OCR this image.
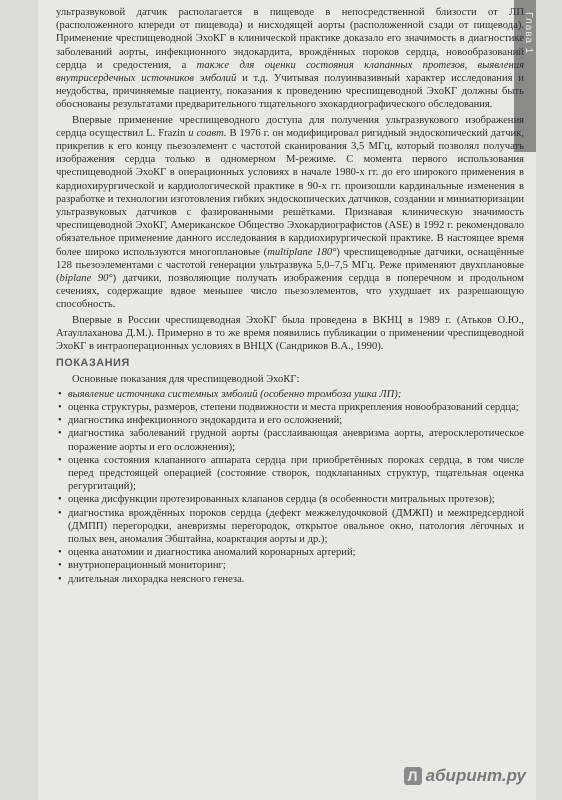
Глава 1

ультразвуковой датчик располагается в пищеводе в непосредственной близости от ЛП (расположенного кпереди от пищевода) и нисходящей аорты (расположенной сзади от пищевода). Применение чреспищеводной ЭхоКГ в клинической практике доказало его значимость в диагностике заболеваний аорты, инфекционного эндокардита, врождённых пороков сердца, новообразований сердца и средостения, а также для оценки состояния клапанных протезов, выявления внутрисердечных источников эмболий и т.д. Учитывая полуинвазивный характер исследования и неудобства, причиняемые пациенту, показания к проведению чреспищеводной ЭхоКГ должны быть обоснованы результатами предварительного тщательного эхокардиографического обследования.

Впервые применение чреспищеводного доступа для получения ультразвукового изображения сердца осуществил L. Frazin и соавт. В 1976 г. он модифицировал ригидный эндоскопический датчик, прикрепив к его концу пьезоэлемент с частотой сканирования 3,5 МГц, который позволял получать изображения сердца только в одномерном М-режиме. С момента первого использования чреспищеводной ЭхоКГ в операционных условиях в начале 1980-х гг. до его широкого применения в кардиохирургической и кардиологической практике в 90-х гг. произошли кардинальные изменения в разработке и технологии изготовления гибких эндоскопических датчиков, создании и миниатюризации ультразвуковых датчиков с фазированными решётками. Признавая клиническую значимость чреспищеводной ЭхоКГ, Американское Общество Эхокардиографистов (ASE) в 1992 г. рекомендовало обязательное применение данного исследования в кардиохирургической практике. В настоящее время более широко используются многоплановые (multiplane 180°) чреспищеводные датчики, оснащённые 128 пьезоэлементами с частотой генерации ультразвука 5,0–7,5 МГц. Реже применяют двухплановые (biplane 90°) датчики, позволяющие получать изображения сердца в поперечном и продольном сечениях, содержащие вдвое меньшее число пьезоэлементов, что ухудшает их разрешающую способность.

Впервые в России чреспищеводная ЭхоКГ была проведена в ВКНЦ в 1989 г. (Атьков О.Ю., Атауллаханова Д.М.). Примерно в то же время появились публикации о применении чреспищеводной ЭхоКГ в интраоперационных условиях в ВНЦХ (Сандриков В.А., 1990).

ПОКАЗАНИЯ

Основные показания для чреспищеводной ЭхоКГ:

• выявление источника системных эмболий (особенно тромбоза ушка ЛП);
• оценка структуры, размеров, степени подвижности и места прикрепления новообразований сердца;
• диагностика инфекционного эндокардита и его осложнений;
• диагностика заболеваний грудной аорты (расслаивающая аневризма аорты, атеросклеротическое поражение аорты и его осложнения);
• оценка состояния клапанного аппарата сердца при приобретённых пороках сердца, в том числе перед предстоящей операцией (состояние створок, подклапанных структур, тщательная оценка регургитаций);
• оценка дисфункции протезированных клапанов сердца (в особенности митральных протезов);
• диагностика врождённых пороков сердца (дефект межжелудочковой (ДМЖП) и межпредсердной (ДМПП) перегородки, аневризмы перегородок, открытое овальное окно, патология лёгочных и полых вен, аномалия Эбштайна, коарктация аорты и др.);
• оценка анатомии и диагностика аномалий коронарных артерий;
• внутриоперационный мониторинг;
• длительная лихорадка неясного генеза.
Л абиринт.ру
